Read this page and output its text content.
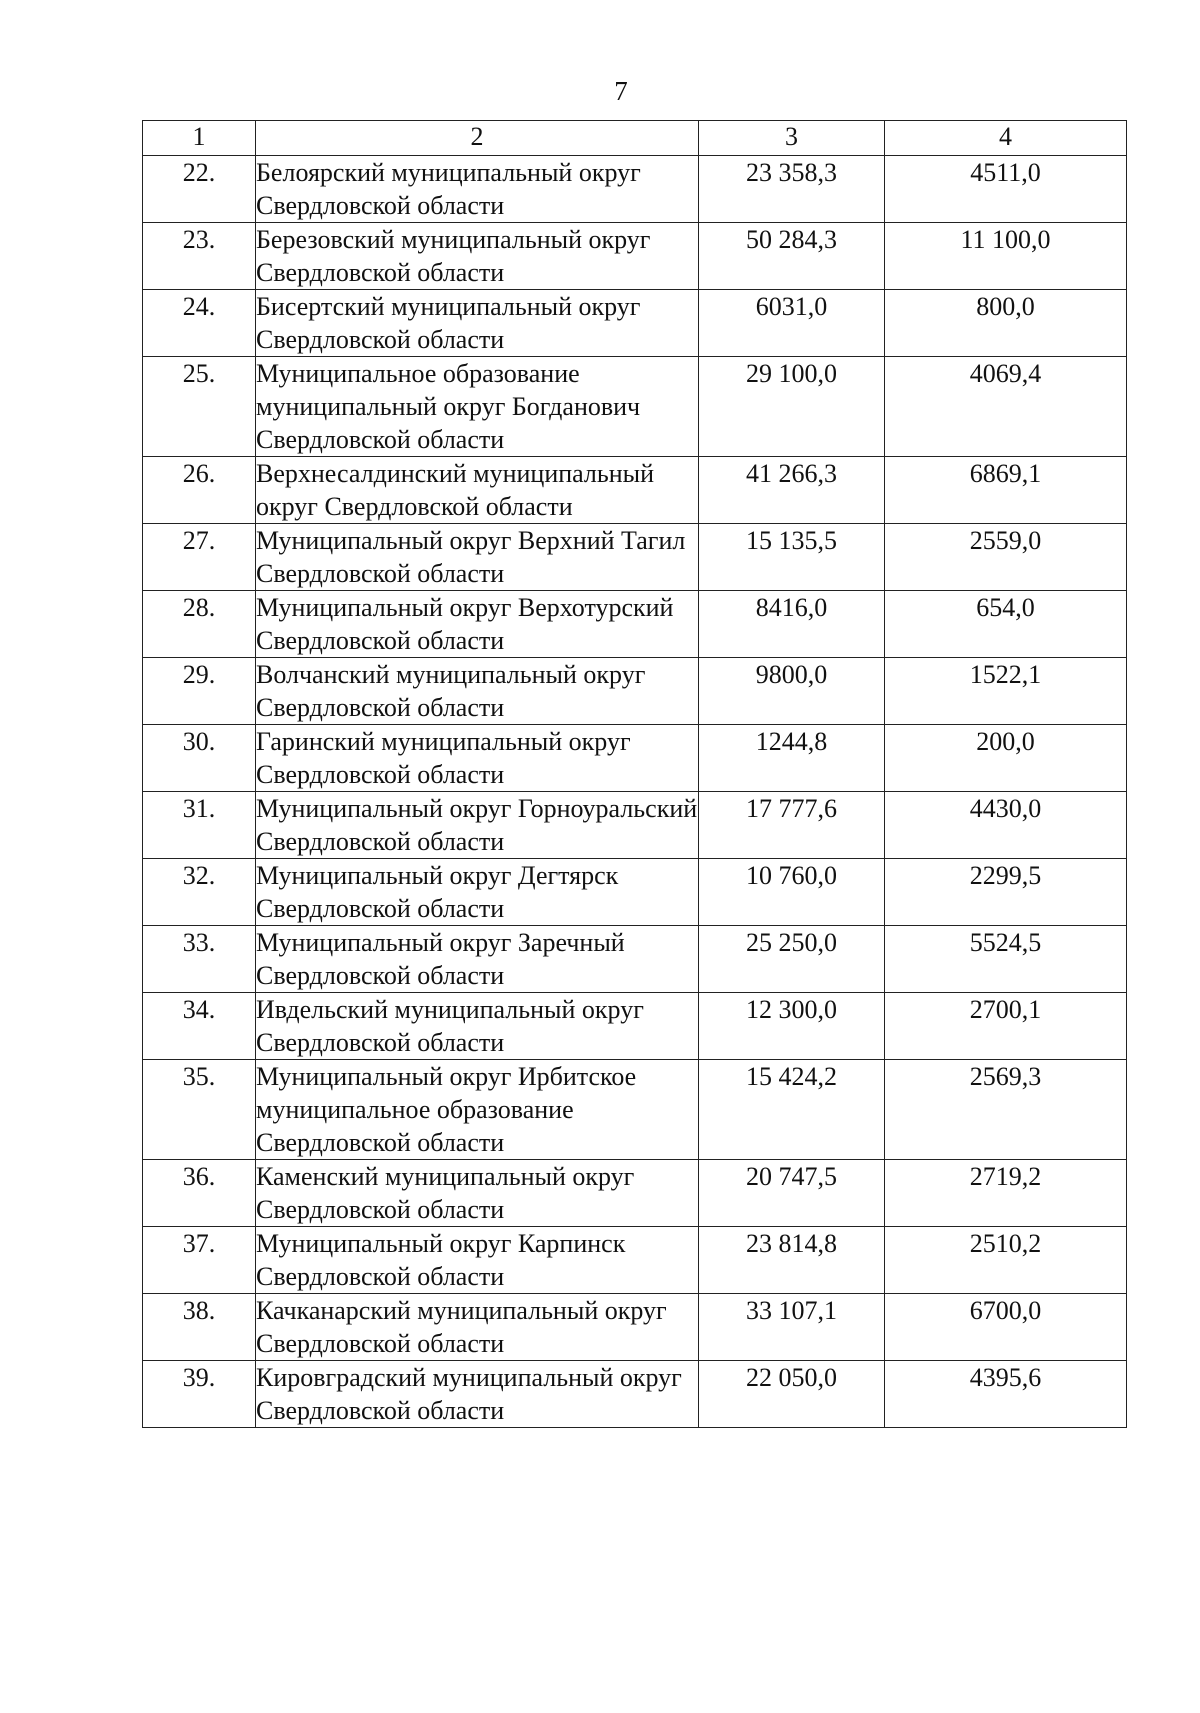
7
1	2	3	4
22.	Белоярский муниципальный округ Свердловской области	23 358,3	4511,0
23.	Березовский муниципальный округ Свердловской области	50 284,3	11 100,0
24.	Бисертский муниципальный округ Свердловской области	6031,0	800,0
25.	Муниципальное образование муниципальный округ Богданович Свердловской области	29 100,0	4069,4
26.	Верхнесалдинский муниципальный округ Свердловской области	41 266,3	6869,1
27.	Муниципальный округ Верхний Тагил Свердловской области	15 135,5	2559,0
28.	Муниципальный округ Верхотурский Свердловской области	8416,0	654,0
29.	Волчанский муниципальный округ Свердловской области	9800,0	1522,1
30.	Гаринский муниципальный округ Свердловской области	1244,8	200,0
31.	Муниципальный округ Горноуральский Свердловской области	17 777,6	4430,0
32.	Муниципальный округ Дегтярск Свердловской области	10 760,0	2299,5
33.	Муниципальный округ Заречный Свердловской области	25 250,0	5524,5
34.	Ивдельский муниципальный округ Свердловской области	12 300,0	2700,1
35.	Муниципальный округ Ирбитское муниципальное образование Свердловской области	15 424,2	2569,3
36.	Каменский муниципальный округ Свердловской области	20 747,5	2719,2
37.	Муниципальный округ Карпинск Свердловской области	23 814,8	2510,2
38.	Качканарский муниципальный округ Свердловской области	33 107,1	6700,0
39.	Кировградский муниципальный округ Свердловской области	22 050,0	4395,6
